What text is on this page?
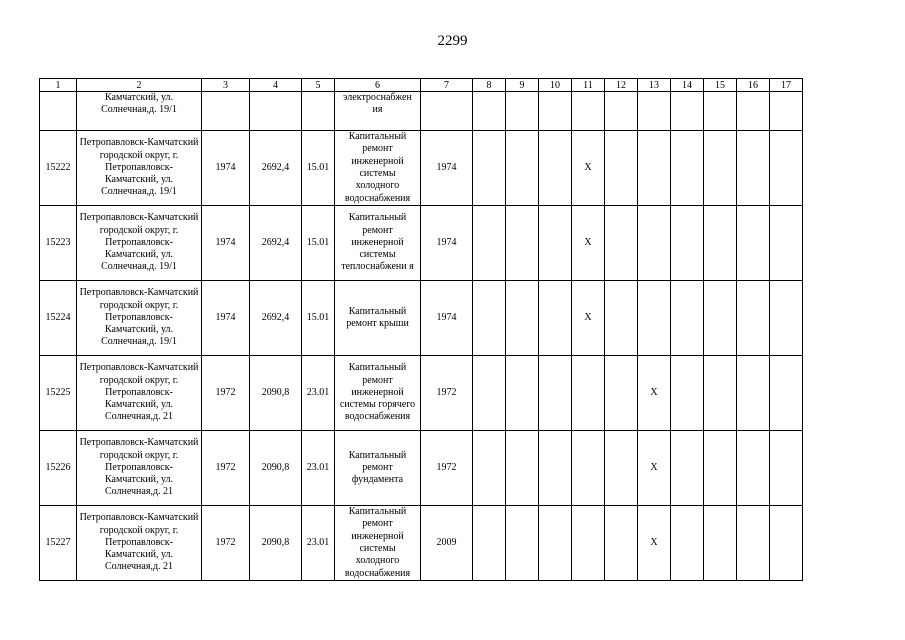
2299
1	2	3	4	5	6	7	8	9	10	11	12	13	14	15	16	17
	Камчатский, ул. Солнечная,д. 19/1				электроснабжен ия											
15222	Петропавловск-Камчатский городской округ, г. Петропавловск-Камчатский, ул. Солнечная,д. 19/1	1974	2692,4	15.01	Капитальный ремонт инженерной системы холодного водоснабжения	1974				X						
15223	Петропавловск-Камчатский городской округ, г. Петропавловск-Камчатский, ул. Солнечная,д. 19/1	1974	2692,4	15.01	Капитальный ремонт инженерной системы теплоснабжени я	1974				X						
15224	Петропавловск-Камчатский городской округ, г. Петропавловск-Камчатский, ул. Солнечная,д. 19/1	1974	2692,4	15.01	Капитальный ремонт крыши	1974				X						
15225	Петропавловск-Камчатский городской округ, г. Петропавловск-Камчатский, ул. Солнечная,д. 21	1972	2090,8	23.01	Капитальный ремонт инженерной системы горячего водоснабжения	1972						X				
15226	Петропавловск-Камчатский городской округ, г. Петропавловск-Камчатский, ул. Солнечная,д. 21	1972	2090,8	23.01	Капитальный ремонт фундамента	1972						X				
15227	Петропавловск-Камчатский городской округ, г. Петропавловск-Камчатский, ул. Солнечная,д. 21	1972	2090,8	23.01	Капитальный ремонт инженерной системы холодного водоснабжения	2009						X				
